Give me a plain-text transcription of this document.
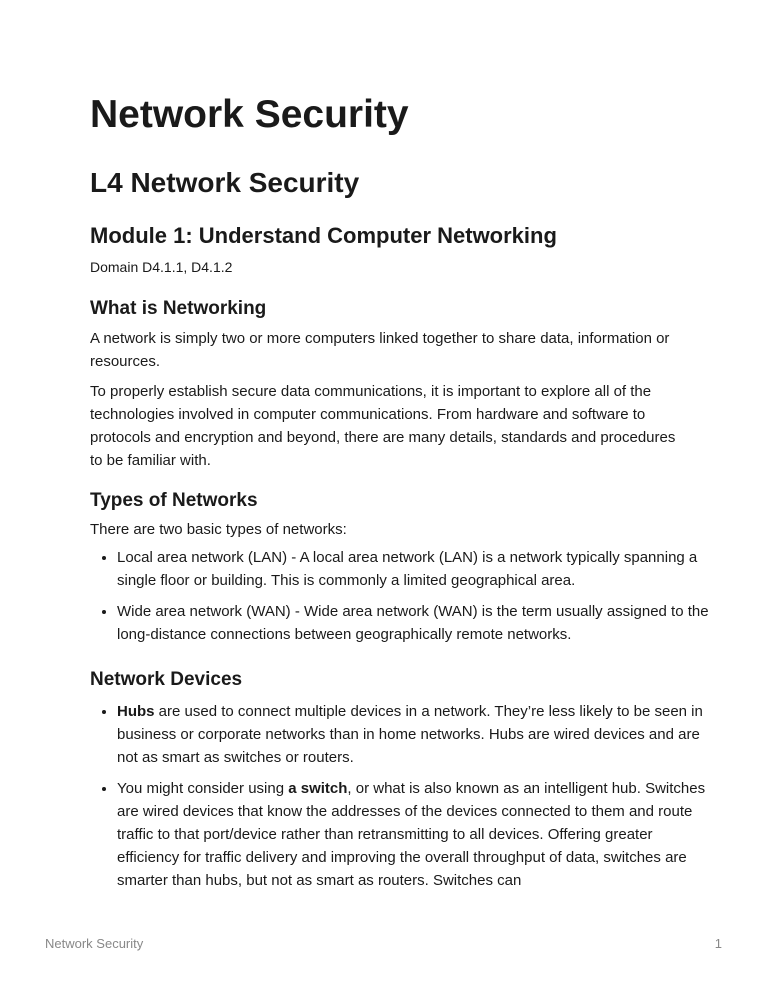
Network Security
L4 Network Security
Module 1: Understand Computer Networking

Domain D4.1.1, D4.1.2

What is Networking

A network is simply two or more computers linked together to share data, information or resources.

To properly establish secure data communications, it is important to explore all of the technologies involved in computer communications. From hardware and software to protocols and encryption and beyond, there are many details, standards and procedures to be familiar with.

Types of Networks

There are two basic types of networks:

• Local area network (LAN) - A local area network (LAN) is a network typically spanning a single floor or building. This is commonly a limited geographical area.
• Wide area network (WAN) - Wide area network (WAN) is the term usually assigned to the long-distance connections between geographically remote networks.
Network Devices
• Hubs are used to connect multiple devices in a network. They’re less likely to be seen in business or corporate networks than in home networks. Hubs are wired devices and are not as smart as switches or routers.
• You might consider using a switch, or what is also known as an intelligent hub. Switches are wired devices that know the addresses of the devices connected to them and route traffic to that port/device rather than retransmitting to all devices. Offering greater efficiency for traffic delivery and improving the overall throughput of data, switches are smarter than hubs, but not as smart as routers. Switches can
Network Security	1
